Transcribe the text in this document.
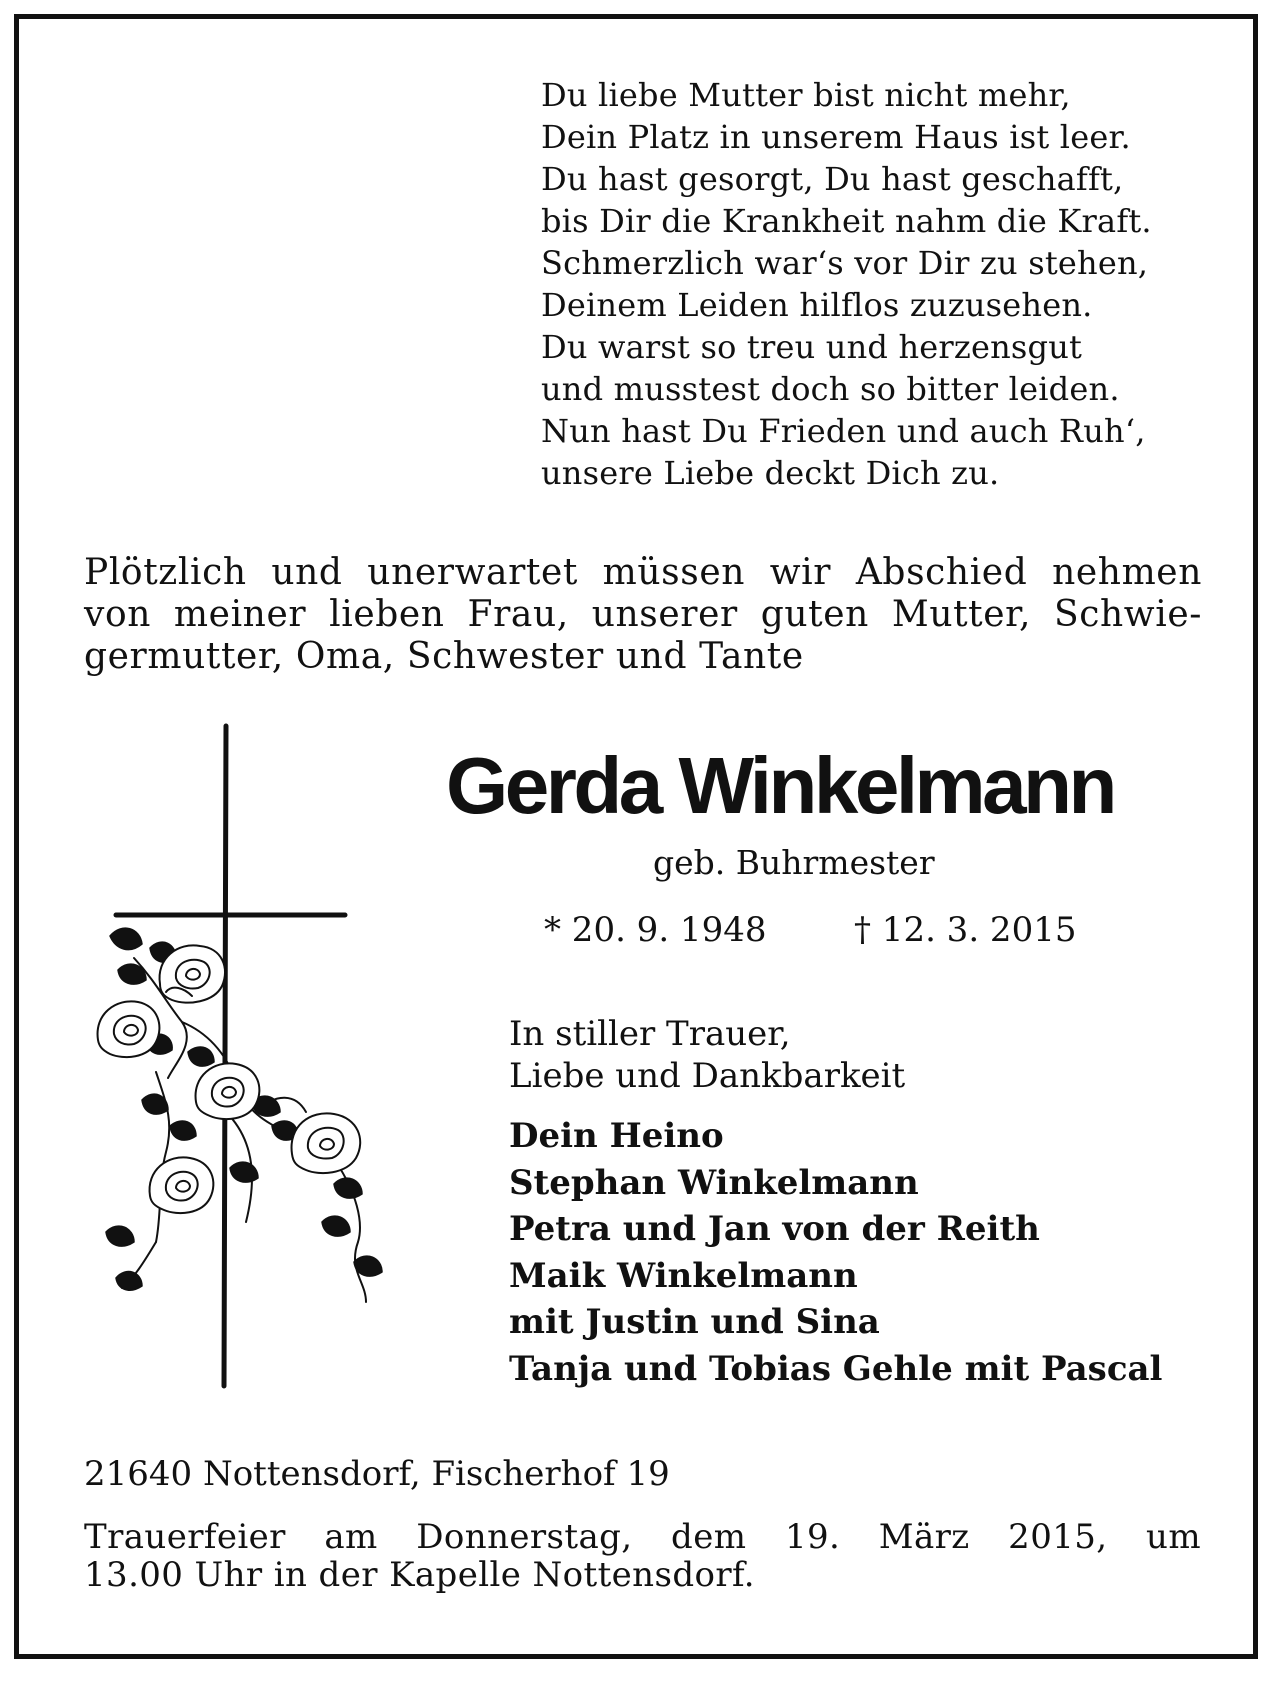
Du liebe Mutter bist nicht mehr,
Dein Platz in unserem Haus ist leer.
Du hast gesorgt, Du hast geschafft,
bis Dir die Krankheit nahm die Kraft.
Schmerzlich war‘s vor Dir zu stehen,
Deinem Leiden hilflos zuzusehen.
Du warst so treu und herzensgut
und musstest doch so bitter leiden.
Nun hast Du Frieden und auch Ruh‘,
unsere Liebe deckt Dich zu.
Plötzlich und unerwartet müssen wir Abschied nehmen
von meiner lieben Frau, unserer guten Mutter, Schwie-
germutter, Oma, Schwester und Tante
Gerda Winkelmann
geb. Buhrmester
* 20. 9. 1948	† 12. 3. 2015
In stiller Trauer,
Liebe und Dankbarkeit
Dein Heino
Stephan Winkelmann
Petra und Jan von der Reith
Maik Winkelmann
mit Justin und Sina
Tanja und Tobias Gehle mit Pascal
21640 Nottensdorf, Fischerhof 19
Trauerfeier am Donnerstag, dem 19. März 2015, um
13.00 Uhr in der Kapelle Nottensdorf.
